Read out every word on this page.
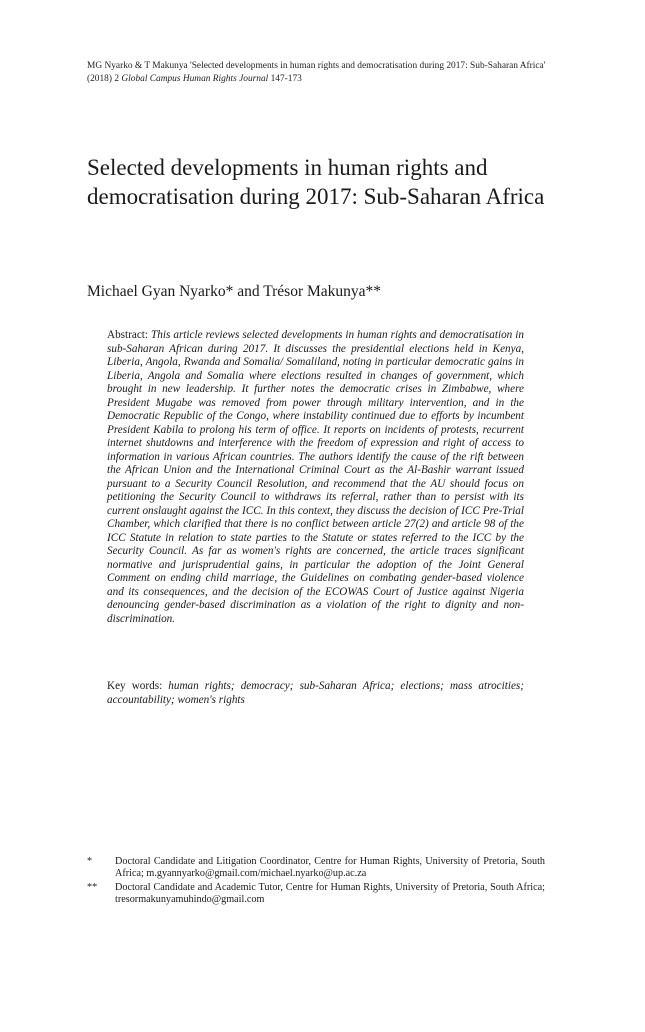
MG Nyarko & T Makunya 'Selected developments in human rights and democratisation during 2017: Sub-Saharan Africa' (2018) 2 Global Campus Human Rights Journal 147-173
Selected developments in human rights and democratisation during 2017: Sub-Saharan Africa
Michael Gyan Nyarko* and Trésor Makunya**

Abstract: This article reviews selected developments in human rights and democratisation in sub-Saharan African during 2017. It discusses the presidential elections held in Kenya, Liberia, Angola, Rwanda and Somalia/ Somaliland, noting in particular democratic gains in Liberia, Angola and Somalia where elections resulted in changes of government, which brought in new leadership. It further notes the democratic crises in Zimbabwe, where President Mugabe was removed from power through military intervention, and in the Democratic Republic of the Congo, where instability continued due to efforts by incumbent President Kabila to prolong his term of office. It reports on incidents of protests, recurrent internet shutdowns and interference with the freedom of expression and right of access to information in various African countries. The authors identify the cause of the rift between the African Union and the International Criminal Court as the Al-Bashir warrant issued pursuant to a Security Council Resolution, and recommend that the AU should focus on petitioning the Security Council to withdraws its referral, rather than to persist with its current onslaught against the ICC. In this context, they discuss the decision of ICC Pre-Trial Chamber, which clarified that there is no conflict between article 27(2) and article 98 of the ICC Statute in relation to state parties to the Statute or states referred to the ICC by the Security Council. As far as women's rights are concerned, the article traces significant normative and jurisprudential gains, in particular the adoption of the Joint General Comment on ending child marriage, the Guidelines on combating gender-based violence and its consequences, and the decision of the ECOWAS Court of Justice against Nigeria denouncing gender-based discrimination as a violation of the right to dignity and non-discrimination.

Key words: human rights; democracy; sub-Saharan Africa; elections; mass atrocities; accountability; women's rights

*	Doctoral Candidate and Litigation Coordinator, Centre for Human Rights, University of Pretoria, South Africa; m.gyannyarko@gmail.com/michael.nyarko@up.ac.za
**	Doctoral Candidate and Academic Tutor, Centre for Human Rights, University of Pretoria, South Africa; tresormakunyamuhindo@gmail.com
